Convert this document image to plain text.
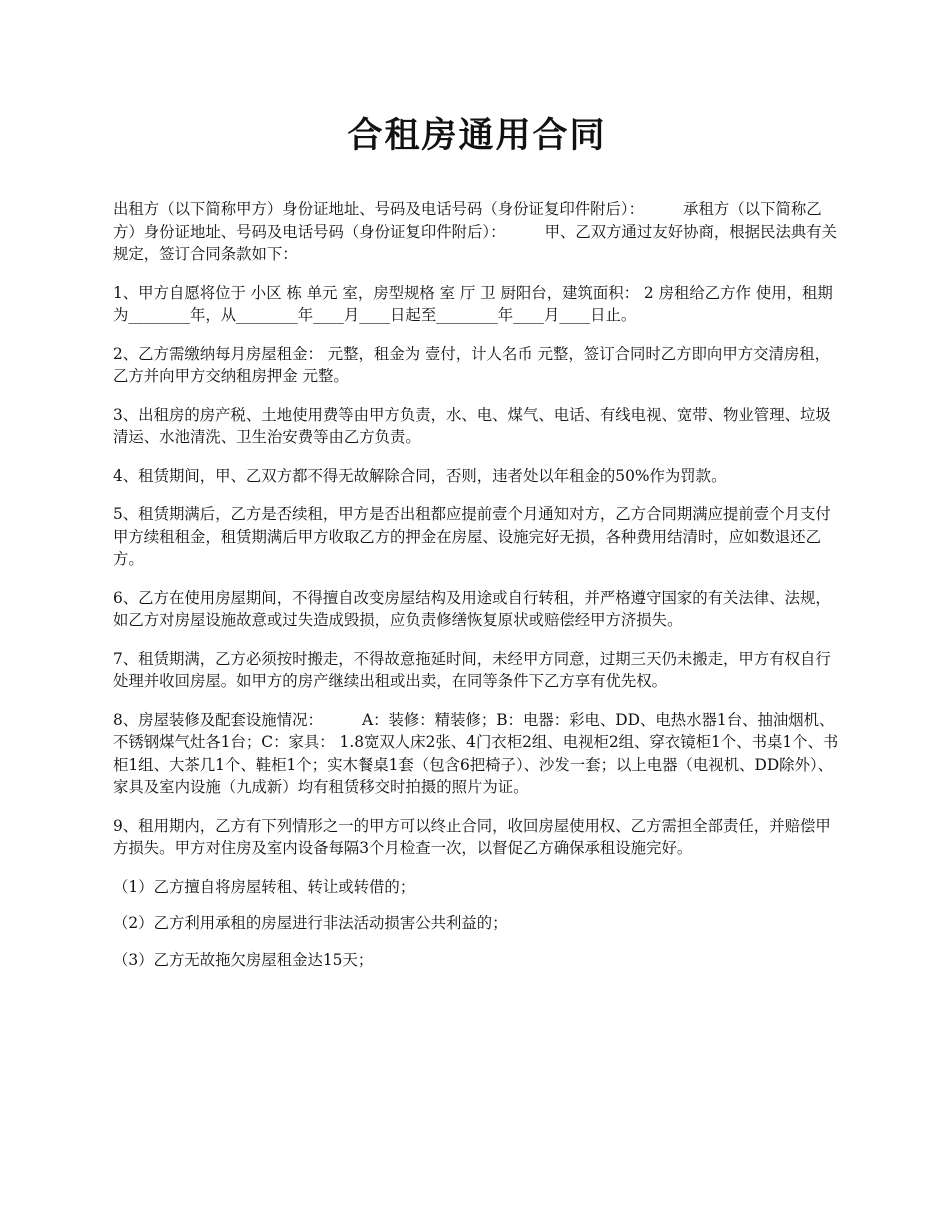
合租房通用合同

出租方（以下简称甲方）身份证地址、号码及电话号码（身份证复印件附后）：        承租方（以下简称乙方）身份证地址、号码及电话号码（身份证复印件附后）：        甲、乙双方通过友好协商，根据民法典有关规定，签订合同条款如下：

1、甲方自愿将位于 小区 栋 单元 室，房型规格 室 厅 卫 厨阳台，建筑面积： 2 房租给乙方作 使用，租期为________年，从________年____月____日起至________年____月____日止。

2、乙方需缴纳每月房屋租金： 元整，租金为 壹付，计人名币 元整，签订合同时乙方即向甲方交清房租，乙方并向甲方交纳租房押金 元整。

3、出租房的房产税、土地使用费等由甲方负责，水、电、煤气、电话、有线电视、宽带、物业管理、垃圾清运、水池清洗、卫生治安费等由乙方负责。

4、租赁期间，甲、乙双方都不得无故解除合同，否则，违者处以年租金的50%作为罚款。

5、租赁期满后，乙方是否续租，甲方是否出租都应提前壹个月通知对方，乙方合同期满应提前壹个月支付甲方续租租金，租赁期满后甲方收取乙方的押金在房屋、设施完好无损，各种费用结清时，应如数退还乙方。

6、乙方在使用房屋期间，不得擅自改变房屋结构及用途或自行转租，并严格遵守国家的有关法律、法规，如乙方对房屋设施故意或过失造成毁损，应负责修缮恢复原状或赔偿经甲方济损失。

7、租赁期满，乙方必须按时搬走，不得故意拖延时间，未经甲方同意，过期三天仍未搬走，甲方有权自行处理并收回房屋。如甲方的房产继续出租或出卖，在同等条件下乙方享有优先权。

8、房屋装修及配套设施情况：        A：装修：精装修；B：电器：彩电、DD、电热水器1台、抽油烟机、不锈钢煤气灶各1台；C：家具： 1.8宽双人床2张、4门衣柜2组、电视柜2组、穿衣镜柜1个、书桌1个、书柜1组、大茶几1个、鞋柜1个；实木餐桌1套（包含6把椅子）、沙发一套；以上电器（电视机、DD除外）、家具及室内设施（九成新）均有租赁移交时拍摄的照片为证。

9、租用期内，乙方有下列情形之一的甲方可以终止合同，收回房屋使用权、乙方需担全部责任，并赔偿甲方损失。甲方对住房及室内设备每隔3个月检查一次，以督促乙方确保承租设施完好。

（1）乙方擅自将房屋转租、转让或转借的；

（2）乙方利用承租的房屋进行非法活动损害公共利益的；

（3）乙方无故拖欠房屋租金达15天；
